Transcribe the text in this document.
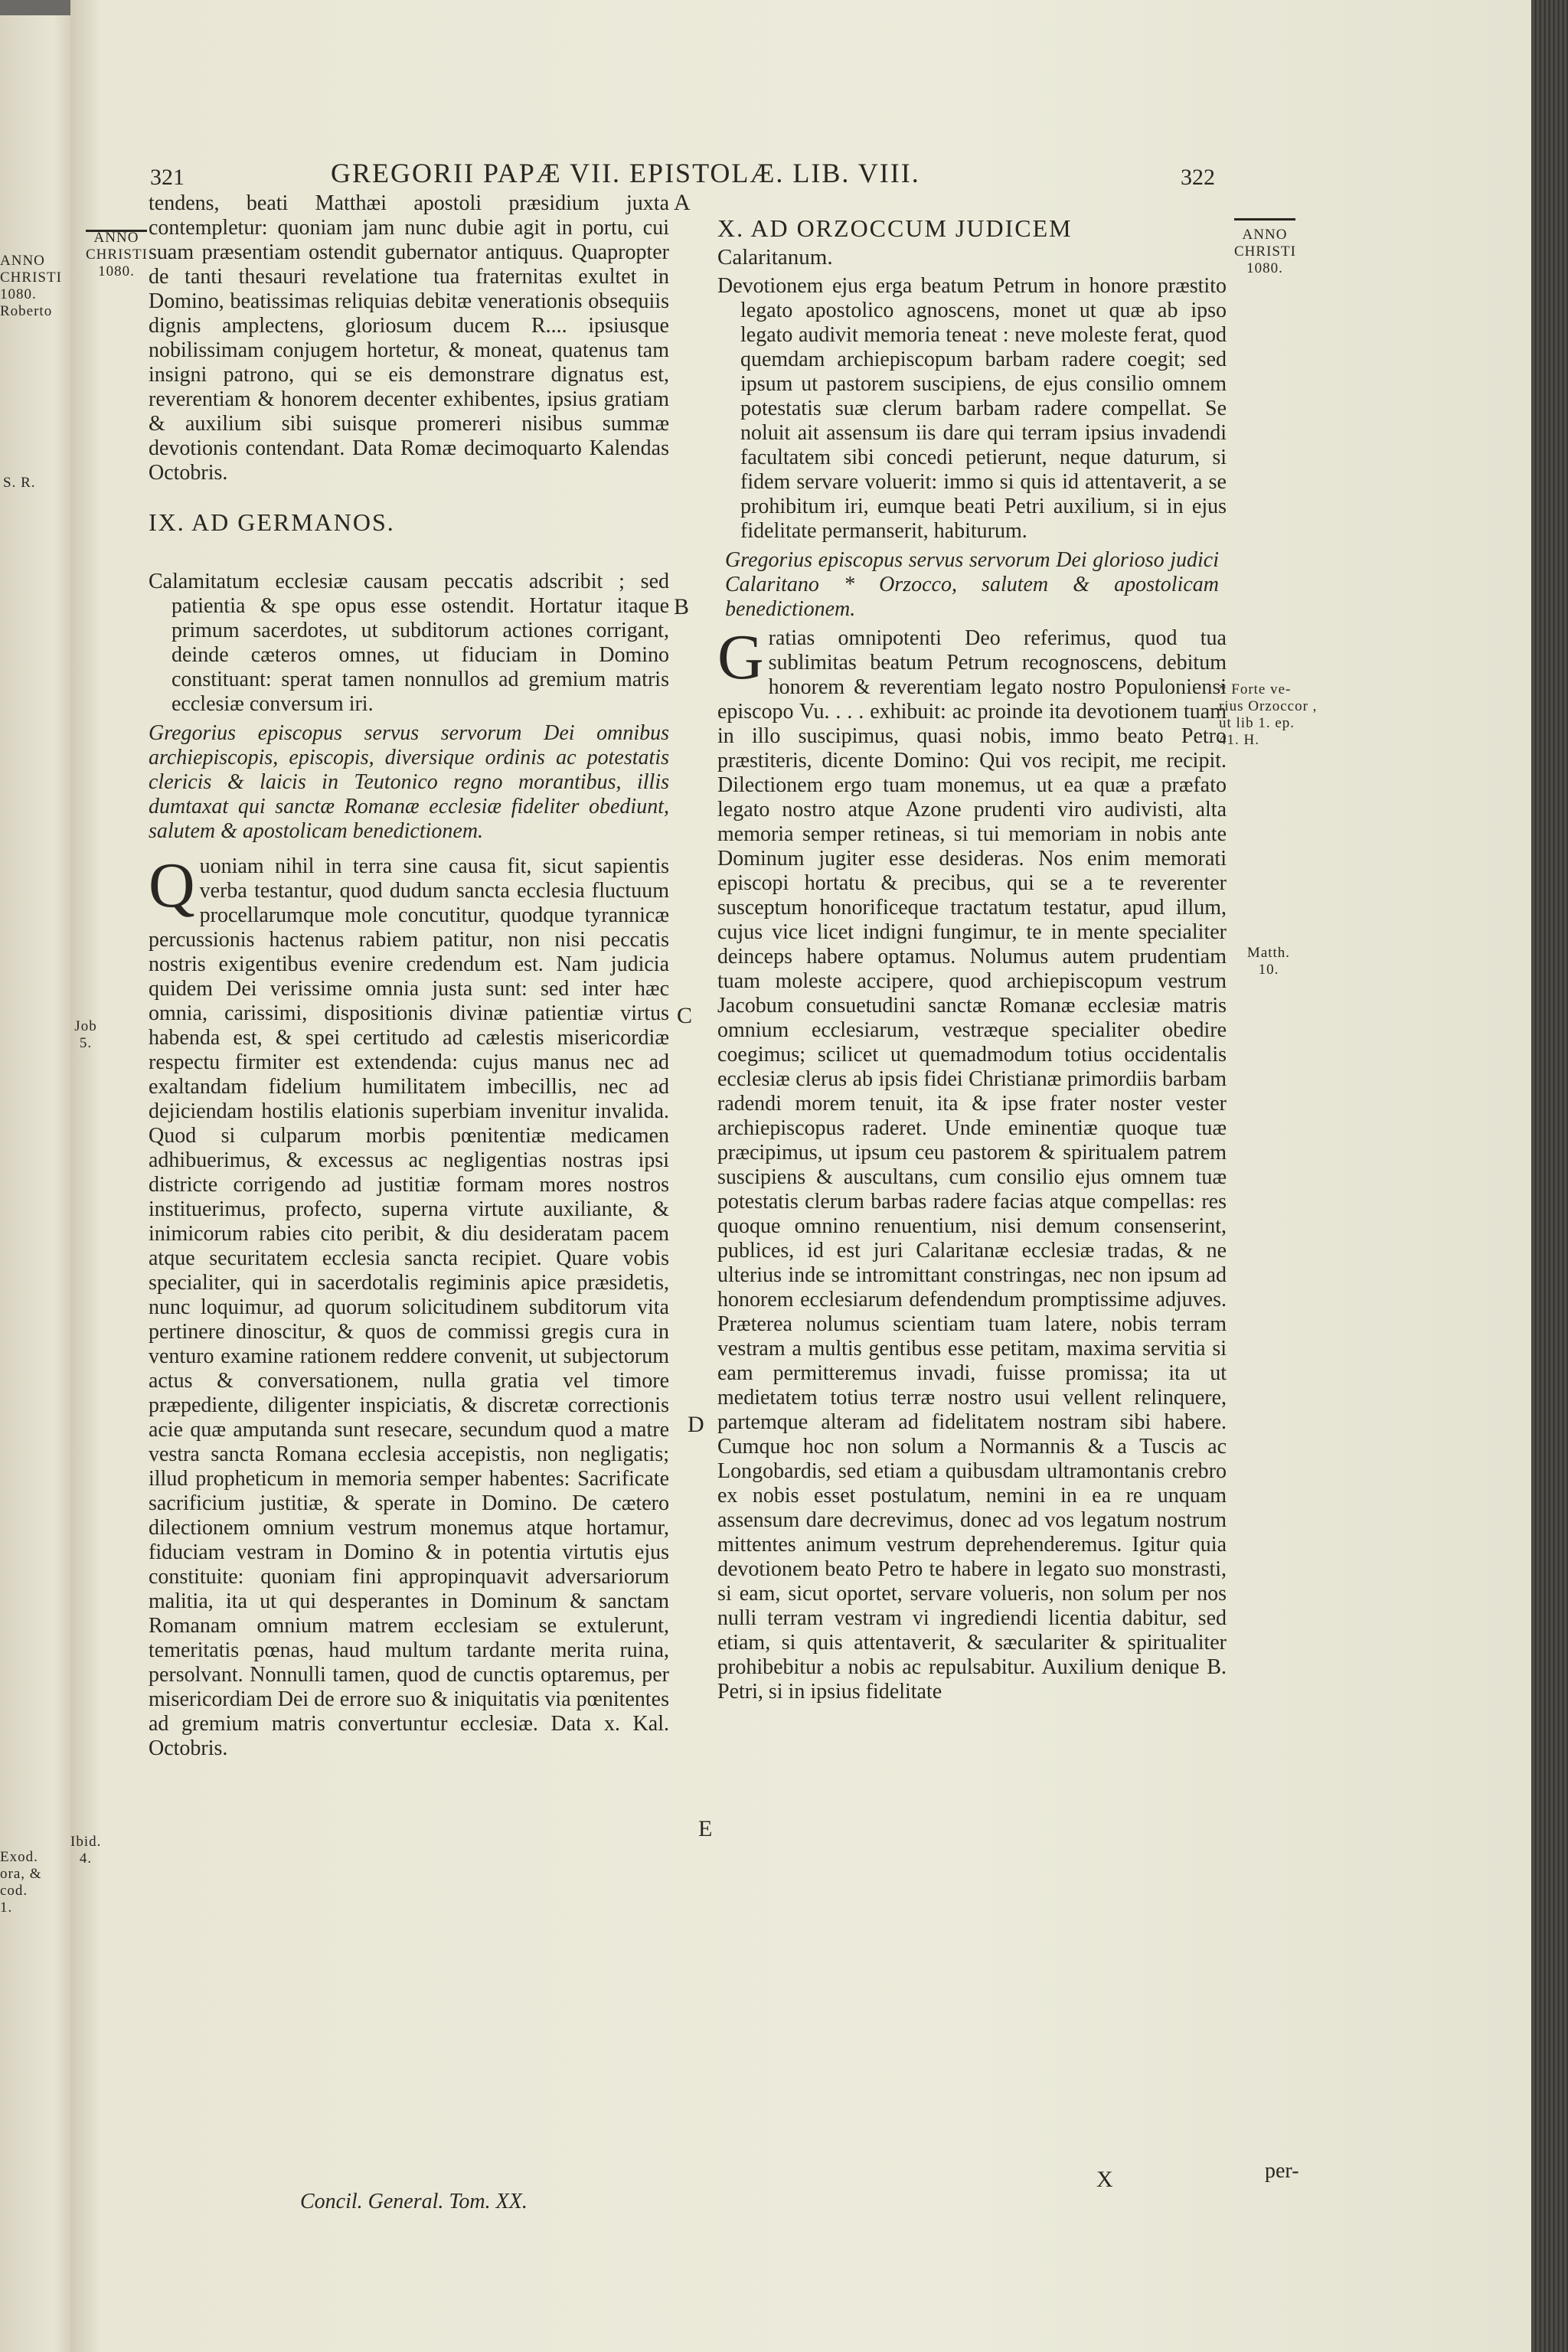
ANNO
CHRISTI
1080.
Roberto
S. R.
Exod.
ora, &
cod.
1.
321	GREGORII PAPÆ VII. EPISTOLÆ. LIB. VIII.	322
ANNO
CHRISTI
1080.
ANNO
CHRISTI
1080.
Job 5.
Ibid. 4.
Matth. 10.
* Forte ve-
rius Orzoccor ,
ut lib 1. ep.
41. H.
A
B
C
D
E

tendens, beati Matthæi apostoli præsidium juxta contempletur: quoniam jam nunc dubie agit in portu, cui suam præsentiam ostendit gubernator antiquus. Quapropter de tanti thesauri revelatione tua fraternitas exultet in Domino, beatissimas reliquias debitæ venerationis obsequiis dignis amplectens, gloriosum ducem R.... ipsiusque nobilissimam conjugem hortetur, & moneat, quatenus tam insigni patrono, qui se eis demonstrare dignatus est, reverentiam & honorem decenter exhibentes, ipsius gratiam & auxilium sibi suisque promereri nisibus summæ devotionis contendant. Data Romæ decimoquarto Kalendas Octobris.

IX. AD GERMANOS.

Calamitatum ecclesiæ causam peccatis adscribit ; sed patientia & spe opus esse ostendit. Hortatur itaque primum sacerdotes, ut subditorum actiones corrigant, deinde cæteros omnes, ut fiduciam in Domino constituant: sperat tamen nonnullos ad gremium matris ecclesiæ conversum iri.

Gregorius episcopus servus servorum Dei omnibus archiepiscopis, episcopis, diversique ordinis ac potestatis clericis & laicis in Teutonico regno morantibus, illis dumtaxat qui sanctæ Romanæ ecclesiæ fideliter obediunt, salutem & apostolicam benedictionem.

Quoniam nihil in terra sine causa fit, sicut sapientis verba testantur, quod dudum sancta ecclesia fluctuum procellarumque mole concutitur, quodque tyrannicæ percussionis hactenus rabiem patitur, non nisi peccatis nostris exigentibus evenire credendum est. Nam judicia quidem Dei verissime omnia justa sunt: sed inter hæc omnia, carissimi, dispositionis divinæ patientiæ virtus habenda est, & spei certitudo ad cælestis misericordiæ respectu firmiter est extendenda: cujus manus nec ad exaltandam fidelium humilitatem imbecillis, nec ad dejiciendam hostilis elationis superbiam invenitur invalida. Quod si culparum morbis pœnitentiæ medicamen adhibuerimus, & excessus ac negligentias nostras ipsi districte corrigendo ad justitiæ formam mores nostros instituerimus, profecto, superna virtute auxiliante, & inimicorum rabies cito peribit, & diu desideratam pacem atque securitatem ecclesia sancta recipiet. Quare vobis specialiter, qui in sacerdotalis regiminis apice præsidetis, nunc loquimur, ad quorum solicitudinem subditorum vita pertinere dinoscitur, & quos de commissi gregis cura in venturo examine rationem reddere convenit, ut subjectorum actus & conversationem, nulla gratia vel timore præpediente, diligenter inspiciatis, & discretæ correctionis acie quæ amputanda sunt resecare, secundum quod a matre vestra sancta Romana ecclesia accepistis, non negligatis; illud propheticum in memoria semper habentes: Sacrificate sacrificium justitiæ, & sperate in Domino. De cætero dilectionem omnium vestrum monemus atque hortamur, fiduciam vestram in Domino & in potentia virtutis ejus constituite: quoniam fini appropinquavit adversariorum malitia, ita ut qui desperantes in Dominum & sanctam Romanam omnium matrem ecclesiam se extulerunt, temeritatis pœnas, haud multum tardante merita ruina, persolvant. Nonnulli tamen, quod de cunctis optaremus, per misericordiam Dei de errore suo & iniquitatis via pœnitentes ad gremium matris convertuntur ecclesiæ. Data x. Kal. Octobris.

X. AD ORZOCCUM JUDICEM

Calaritanum.

Devotionem ejus erga beatum Petrum in honore præstito legato apostolico agnoscens, monet ut quæ ab ipso legato audivit memoria teneat : neve moleste ferat, quod quemdam archiepiscopum barbam radere coegit; sed ipsum ut pastorem suscipiens, de ejus consilio omnem potestatis suæ clerum barbam radere compellat. Se noluit ait assensum iis dare qui terram ipsius invadendi facultatem sibi concedi petierunt, neque daturum, si fidem servare voluerit: immo si quis id attentaverit, a se prohibitum iri, eumque beati Petri auxilium, si in ejus fidelitate permanserit, habiturum.

Gregorius episcopus servus servorum Dei glorioso judici Calaritano * Orzocco, salutem & apostolicam benedictionem.

Gratias omnipotenti Deo referimus, quod tua sublimitas beatum Petrum recognoscens, debitum honorem & reverentiam legato nostro Populoniensi episcopo Vu. . . . exhibuit: ac proinde ita devotionem tuam in illo suscipimus, quasi nobis, immo beato Petro præstiteris, dicente Domino: Qui vos recipit, me recipit. Dilectionem ergo tuam monemus, ut ea quæ a præfato legato nostro atque Azone prudenti viro audivisti, alta memoria semper retineas, si tui memoriam in nobis ante Dominum jugiter esse desideras. Nos enim memorati episcopi hortatu & precibus, qui se a te reverenter susceptum honorificeque tractatum testatur, apud illum, cujus vice licet indigni fungimur, te in mente specialiter deinceps habere optamus. Nolumus autem prudentiam tuam moleste accipere, quod archiepiscopum vestrum Jacobum consuetudini sanctæ Romanæ ecclesiæ matris omnium ecclesiarum, vestræque specialiter obedire coegimus; scilicet ut quemadmodum totius occidentalis ecclesiæ clerus ab ipsis fidei Christianæ primordiis barbam radendi morem tenuit, ita & ipse frater noster vester archiepiscopus raderet. Unde eminentiæ quoque tuæ præcipimus, ut ipsum ceu pastorem & spiritualem patrem suscipiens & auscultans, cum consilio ejus omnem tuæ potestatis clerum barbas radere facias atque compellas: res quoque omnino renuentium, nisi demum consenserint, publices, id est juri Calaritanæ ecclesiæ tradas, & ne ulterius inde se intromittant constringas, nec non ipsum ad honorem ecclesiarum defendendum promptissime adjuves. Præterea nolumus scientiam tuam latere, nobis terram vestram a multis gentibus esse petitam, maxima servitia si eam permitteremus invadi, fuisse promissa; ita ut medietatem totius terræ nostro usui vellent relinquere, partemque alteram ad fidelitatem nostram sibi habere. Cumque hoc non solum a Normannis & a Tuscis ac Longobardis, sed etiam a quibusdam ultramontanis crebro ex nobis esset postulatum, nemini in ea re unquam assensum dare decrevimus, donec ad vos legatum nostrum mittentes animum vestrum deprehenderemus. Igitur quia devotionem beato Petro te habere in legato suo monstrasti, si eam, sicut oportet, servare volueris, non solum per nos nulli terram vestram vi ingrediendi licentia dabitur, sed etiam, si quis attentaverit, & sæculariter & spiritualiter prohibebitur a nobis ac repulsabitur. Auxilium denique B. Petri, si in ipsius fidelitate

Concil. General. Tom. XX.
X	per-
